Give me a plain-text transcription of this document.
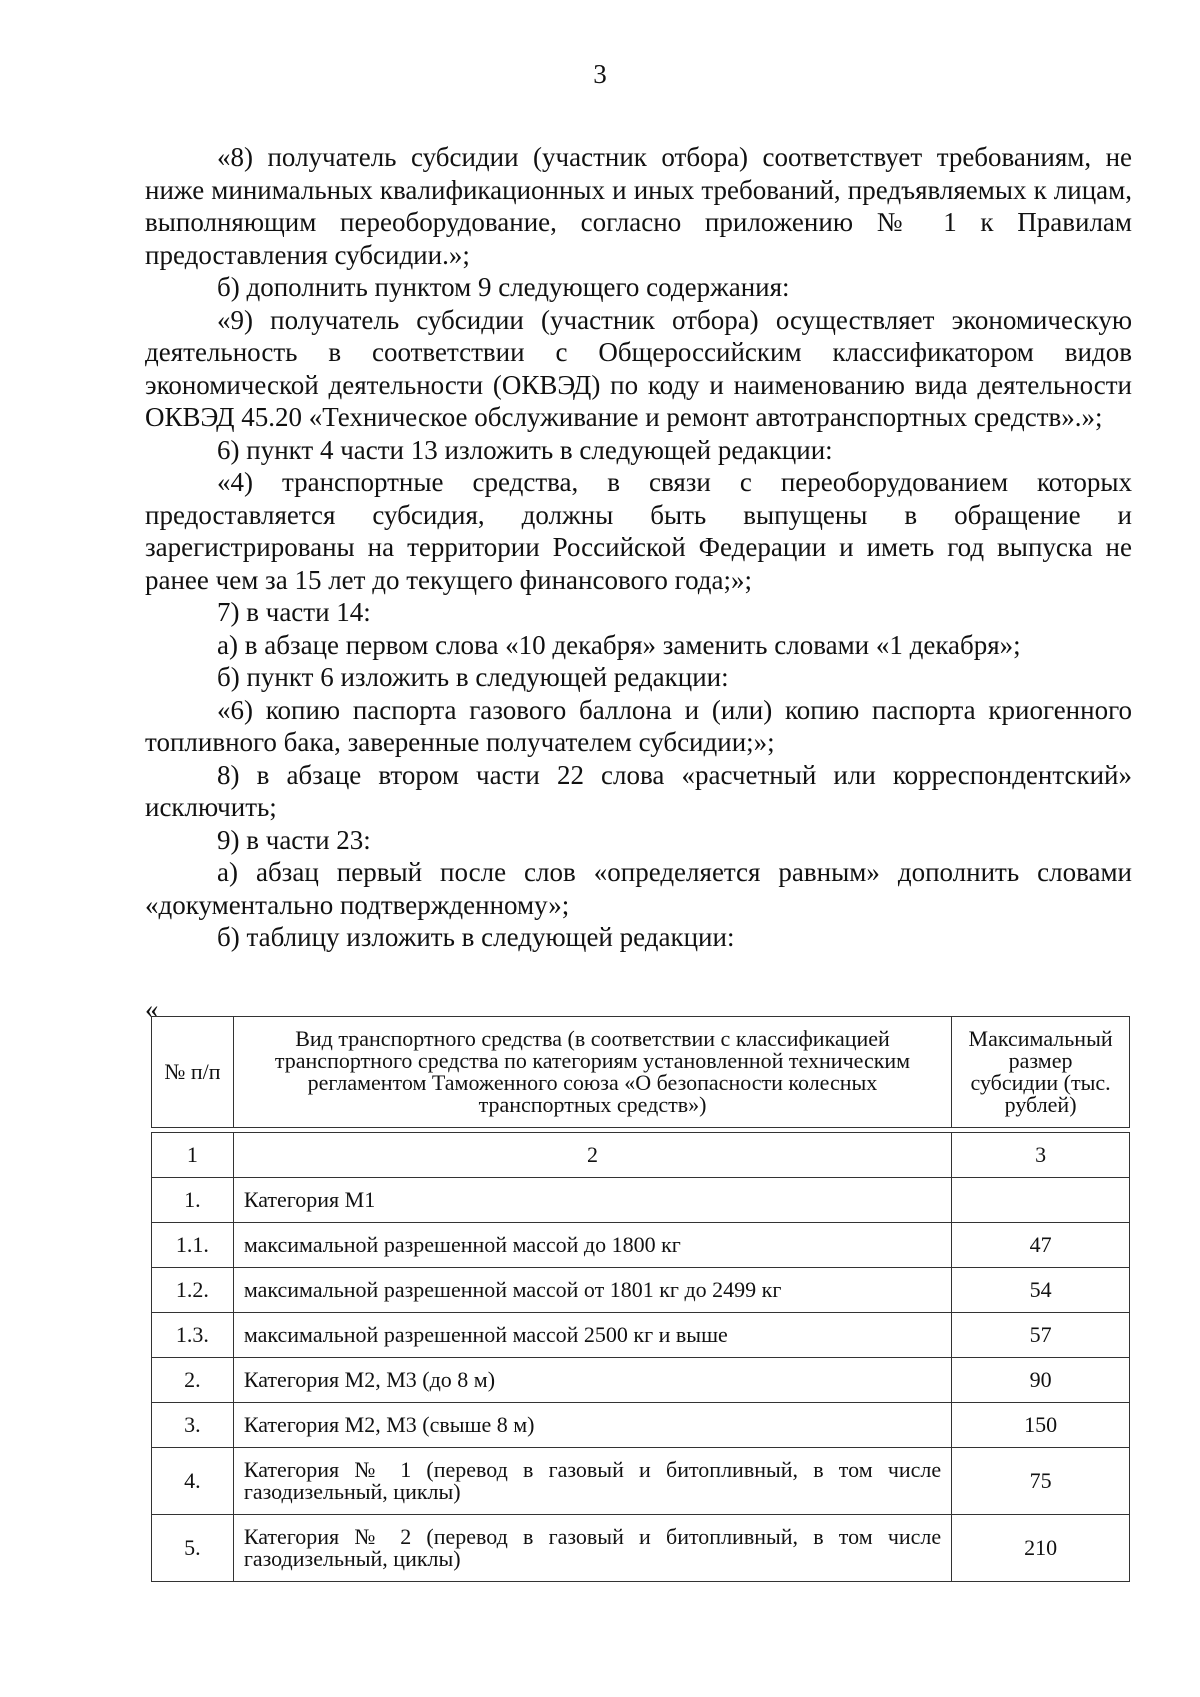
3

«8) получатель субсидии (участник отбора) соответствует требованиям, не ниже минимальных квалификационных и иных требований, предъявляемых к лицам, выполняющим переоборудование, согласно приложению № 1 к Правилам предоставления субсидии.»;

б) дополнить пунктом 9 следующего содержания:

«9) получатель субсидии (участник отбора) осуществляет экономическую деятельность в соответствии с Общероссийским классификатором видов экономической деятельности (ОКВЭД) по коду и наименованию вида деятельности ОКВЭД 45.20 «Техническое обслуживание и ремонт автотранспортных средств».»;

6) пункт 4 части 13 изложить в следующей редакции:

«4) транспортные средства, в связи с переоборудованием которых предоставляется субсидия, должны быть выпущены в обращение и зарегистрированы на территории Российской Федерации и иметь год выпуска не ранее чем за 15 лет до текущего финансового года;»;

7) в части 14:

а) в абзаце первом слова «10 декабря» заменить словами «1 декабря»;

б) пункт 6 изложить в следующей редакции:

«6) копию паспорта газового баллона и (или) копию паспорта криогенного топливного бака, заверенные получателем субсидии;»;

8) в абзаце втором части 22 слова «расчетный или корреспондентский» исключить;

9) в части 23:

а) абзац первый после слов «определяется равным» дополнить словами «документально подтвержденному»;

б) таблицу изложить в следующей редакции:

«
№ п/п	Вид транспортного средства (в соответствии с классификацией транспортного средства по категориям установленной техническим регламентом Таможенного союза «О безопасности колесных транспортных средств»)	Максимальный размер субсидии (тыс. рублей)

1	2	3
1.	Категория М1	
1.1.	максимальной разрешенной массой до 1800 кг	47
1.2.	максимальной разрешенной массой от 1801 кг до 2499 кг	54
1.3.	максимальной разрешенной массой 2500 кг и выше	57
2.	Категория М2, М3 (до 8 м)	90
3.	Категория М2, М3 (свыше 8 м)	150
4.	Категория № 1 (перевод в газовый и битопливный, в том числе газодизельный, циклы)	75
5.	Категория № 2 (перевод в газовый и битопливный, в том числе газодизельный, циклы)	210
